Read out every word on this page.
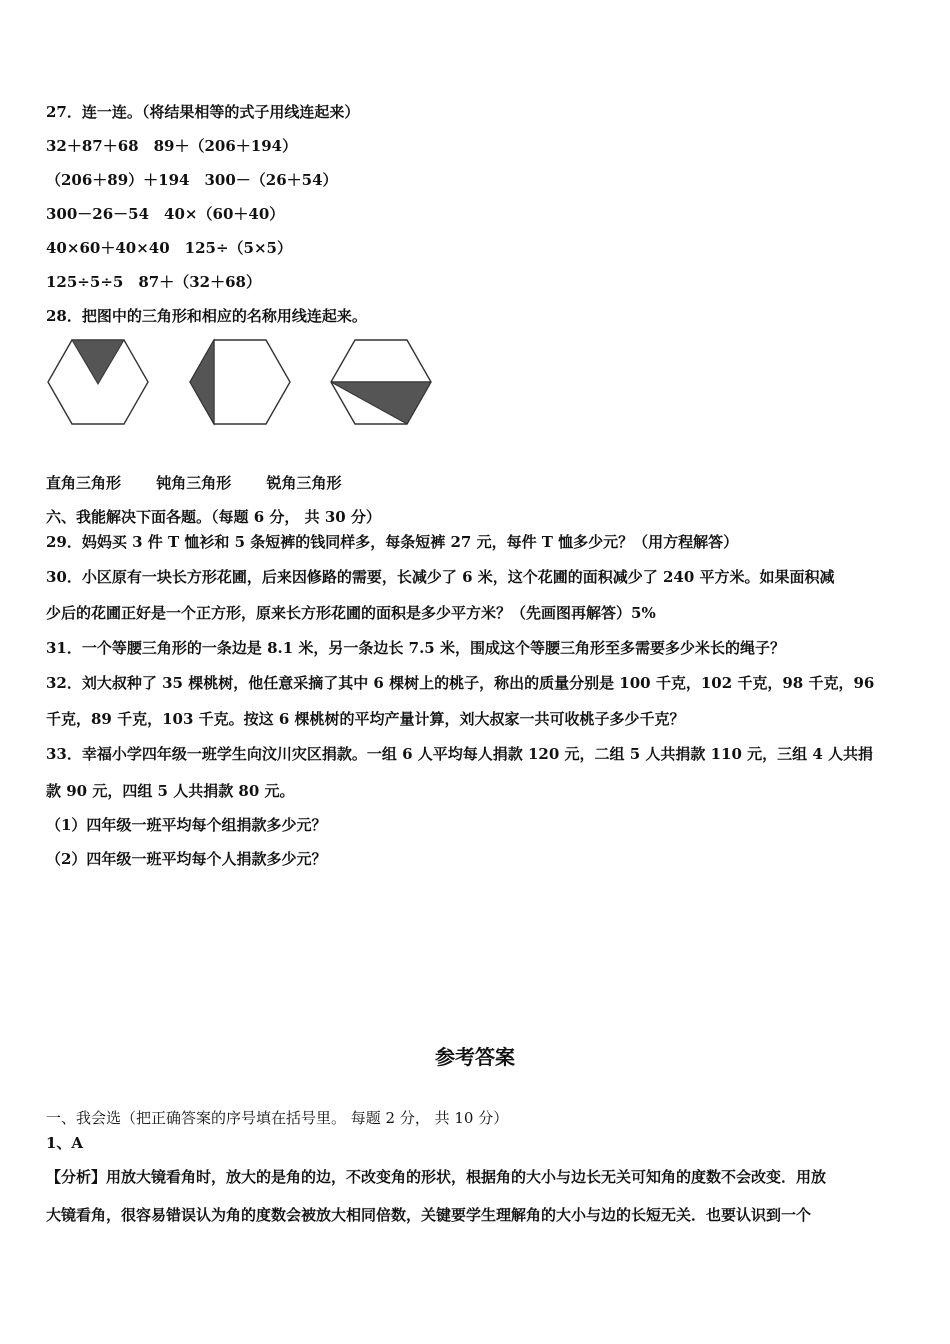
27．连一连。（将结果相等的式子用线连起来）
32＋87＋68　89＋（206＋194）
（206＋89）＋194　300－（26＋54）
300－26－54　40×（60＋40）
40×60＋40×40　125÷（5×5）
125÷5÷5　87＋（32＋68）
28．把图中的三角形和相应的名称用线连起来。
直角三角形 钝角三角形 锐角三角形
六、我能解决下面各题。（每题 6 分， 共 30 分）
29．妈妈买 3 件 T 恤衫和 5 条短裤的钱同样多，每条短裤 27 元，每件 T 恤多少元？（用方程解答）
30．小区原有一块长方形花圃，后来因修路的需要，长减少了 6 米，这个花圃的面积减少了 240 平方米。如果面积减
少后的花圃正好是一个正方形，原来长方形花圃的面积是多少平方米？（先画图再解答）5%
31．一个等腰三角形的一条边是 8.1 米，另一条边长 7.5 米，围成这个等腰三角形至多需要多少米长的绳子？
32．刘大叔种了 35 棵桃树，他任意采摘了其中 6 棵树上的桃子，称出的质量分别是 100 千克，102 千克，98 千克，96
千克，89 千克，103 千克。按这 6 棵桃树的平均产量计算，刘大叔家一共可收桃子多少千克？
33．幸福小学四年级一班学生向汶川灾区捐款。一组 6 人平均每人捐款 120 元，二组 5 人共捐款 110 元，三组 4 人共捐
款 90 元，四组 5 人共捐款 80 元。
（1）四年级一班平均每个组捐款多少元？
（2）四年级一班平均每个人捐款多少元？
参考答案
一、我会选（把正确答案的序号填在括号里。 每题 2 分， 共 10 分）
1、A
【分析】用放大镜看角时，放大的是角的边，不改变角的形状，根据角的大小与边长无关可知角的度数不会改变．用放
大镜看角，很容易错误认为角的度数会被放大相同倍数，关键要学生理解角的大小与边的长短无关．也要认识到一个
